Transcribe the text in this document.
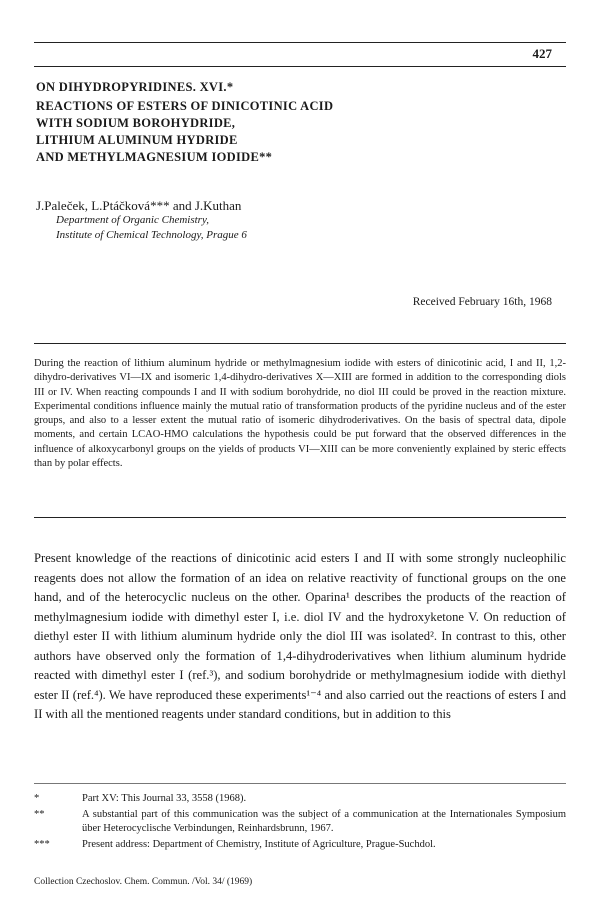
427
ON DIHYDROPYRIDINES. XVI.*
REACTIONS OF ESTERS OF DINICOTINIC ACID
WITH SODIUM BOROHYDRIDE,
LITHIUM ALUMINUM HYDRIDE
AND METHYLMAGNESIUM IODIDE**
J.Paleček, L.Ptáčková*** and J.Kuthan
Department of Organic Chemistry,
Institute of Chemical Technology, Prague 6
Received February 16th, 1968
During the reaction of lithium aluminum hydride or methylmagnesium iodide with esters of dinicotinic acid, I and II, 1,2-dihydro-derivatives VI—IX and isomeric 1,4-dihydro-derivatives X—XIII are formed in addition to the corresponding diols III or IV. When reacting compounds I and II with sodium borohydride, no diol III could be proved in the reaction mixture. Experimental conditions influence mainly the mutual ratio of transformation products of the pyridine nucleus and of the ester groups, and also to a lesser extent the mutual ratio of isomeric dihydroderivatives. On the basis of spectral data, dipole moments, and certain LCAO-HMO calculations the hypothesis could be put forward that the observed differences in the influence of alkoxycarbonyl groups on the yields of products VI—XIII can be more conveniently explained by steric effects than by polar effects.
Present knowledge of the reactions of dinicotinic acid esters I and II with some strongly nucleophilic reagents does not allow the formation of an idea on relative reactivity of functional groups on the one hand, and of the heterocyclic nucleus on the other. Oparina¹ describes the products of the reaction of methylmagnesium iodide with dimethyl ester I, i.e. diol IV and the hydroxyketone V. On reduction of diethyl ester II with lithium aluminum hydride only the diol III was isolated². In contrast to this, other authors have observed only the formation of 1,4-dihydroderivatives when lithium aluminum hydride reacted with dimethyl ester I (ref.³), and sodium borohydride or methylmagnesium iodide with diethyl ester II (ref.⁴). We have reproduced these experiments¹⁻⁴ and also carried out the reactions of esters I and II with all the mentioned reagents under standard conditions, but in addition to this
*	Part XV: This Journal 33, 3558 (1968).
**	A substantial part of this communication was the subject of a communication at the Internationales Symposium über Heterocyclische Verbindungen, Reinhardsbrunn, 1967.
***	Present address: Department of Chemistry, Institute of Agriculture, Prague-Suchdol.
Collection Czechoslov. Chem. Commun. /Vol. 34/ (1969)
